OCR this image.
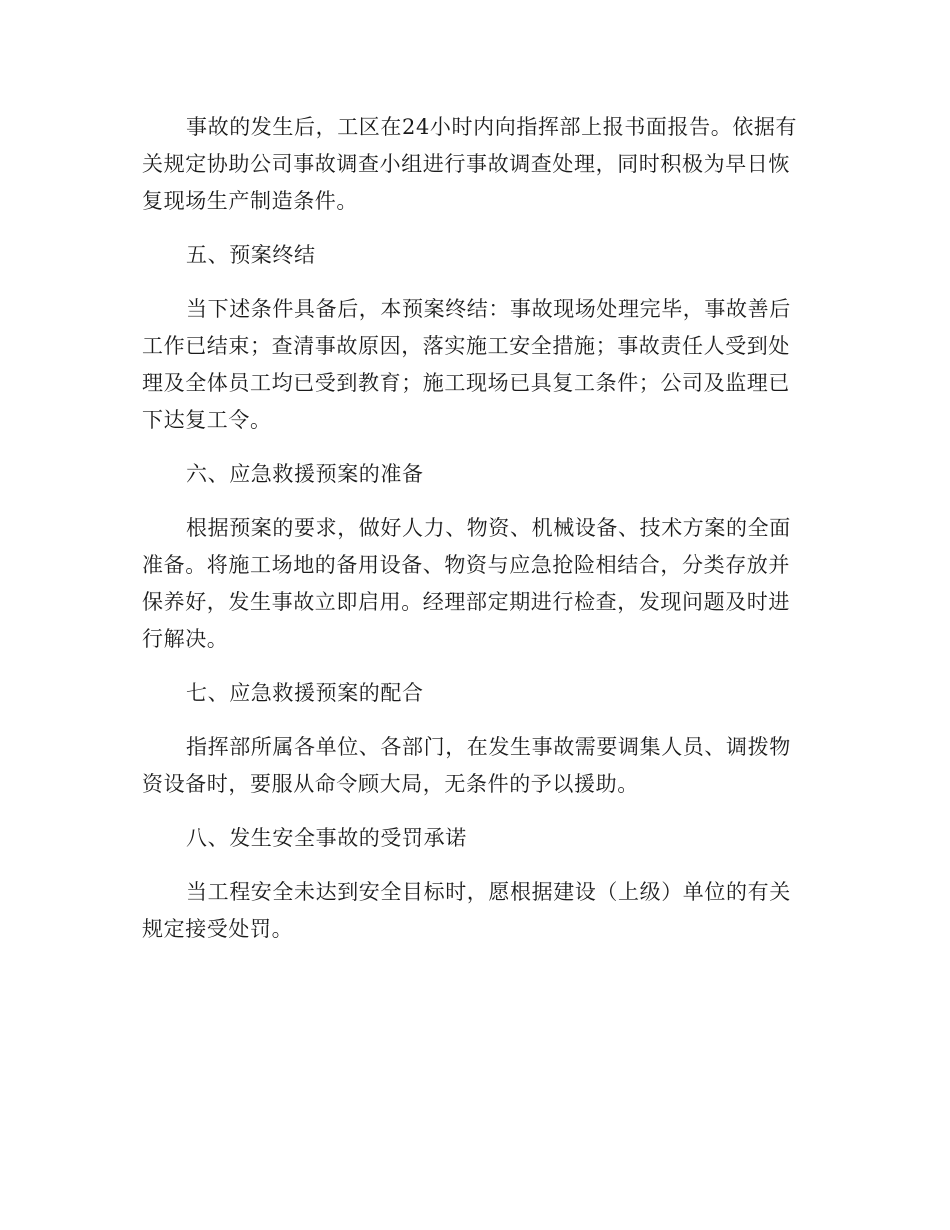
事故的发生后，工区在24小时内向指挥部上报书面报告。依据有
关规定协助公司事故调查小组进行事故调查处理，同时积极为早日恢
复现场生产制造条件。
五、预案终结
当下述条件具备后，本预案终结：事故现场处理完毕，事故善后
工作已结束；查清事故原因，落实施工安全措施；事故责任人受到处
理及全体员工均已受到教育；施工现场已具复工条件；公司及监理已
下达复工令。
六、应急救援预案的准备
根据预案的要求，做好人力、物资、机械设备、技术方案的全面
准备。将施工场地的备用设备、物资与应急抢险相结合，分类存放并
保养好，发生事故立即启用。经理部定期进行检查，发现问题及时进
行解决。
七、应急救援预案的配合
指挥部所属各单位、各部门，在发生事故需要调集人员、调拨物
资设备时，要服从命令顾大局，无条件的予以援助。
八、发生安全事故的受罚承诺
当工程安全未达到安全目标时，愿根据建设（上级）单位的有关
规定接受处罚。
